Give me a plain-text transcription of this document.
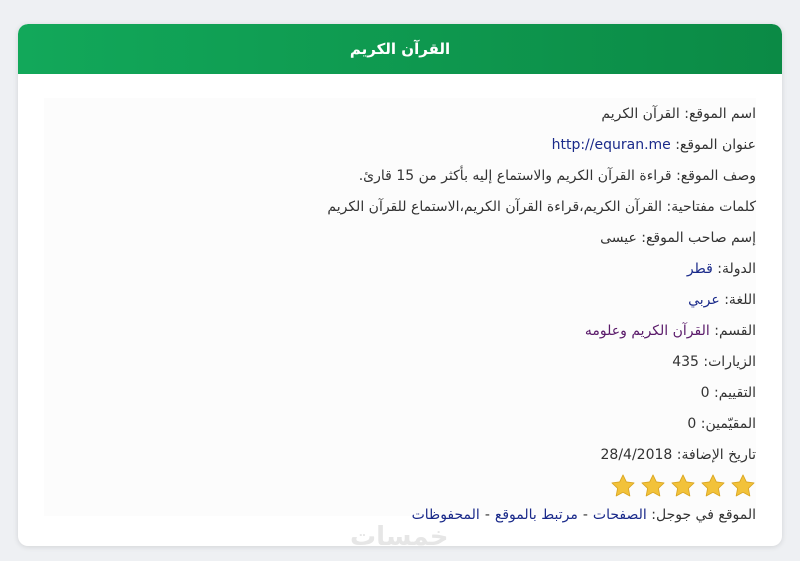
القرآن الكريم
اسم الموقع:

القرآن الكريم
عنوان الموقع:

http://equran.me
وصف الموقع:

قراءة القرآن الكريم والاستماع إليه بأكثر من 15 قارئ.
كلمات مفتاحية:

القرآن الكريم،قراءة القرآن الكريم،الاستماع للقرآن الكريم
إسم صاحب الموقع:

عيسى
الدولة:

قطر
اللغة:

عربي
القسم:

القرآن الكريم وعلومه
الزيارات:

435
التقييم:

0
المقيّمين:

0
تاريخ الإضافة:

28/4/2018
الموقع في جوجل:

الصفحات
-
مرتبط بالموقع
-
المحفوظات
خمسات
